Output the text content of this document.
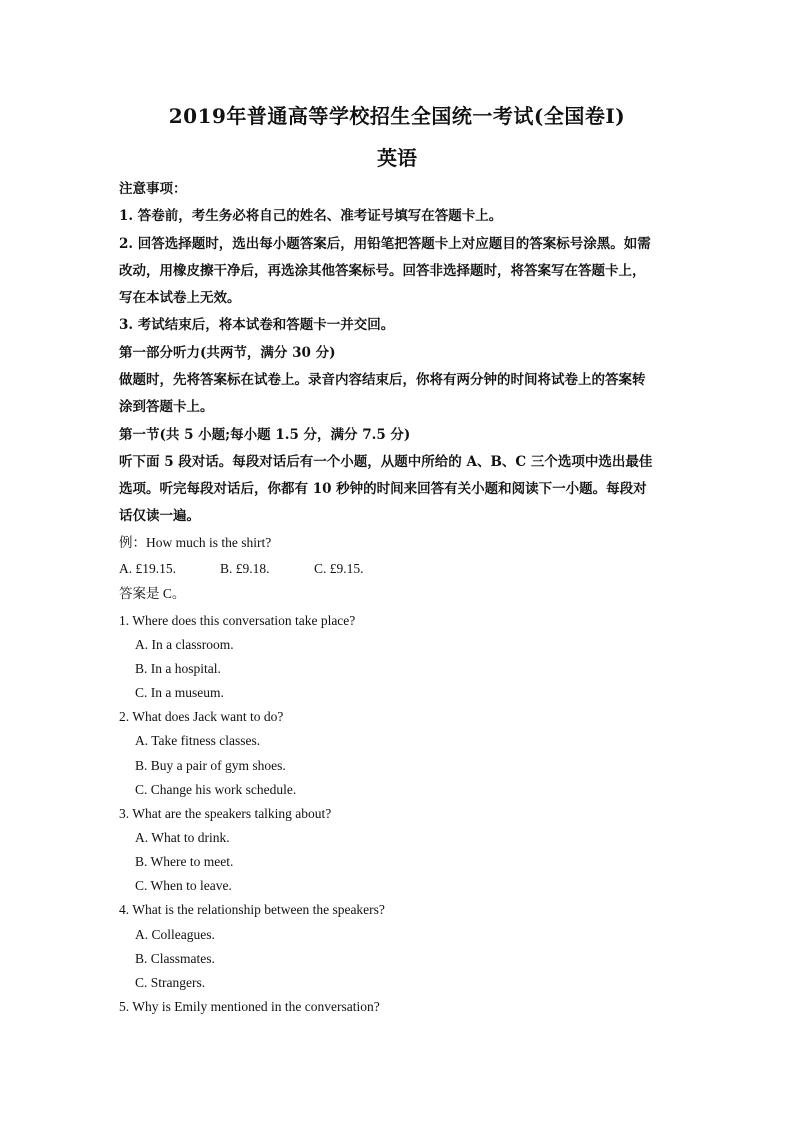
2019年普通高等学校招生全国统一考试(全国卷Ⅰ)
英语
注意事项：
1. 答卷前，考生务必将自己的姓名、准考证号填写在答题卡上。
2. 回答选择题时，选出每小题答案后，用铅笔把答题卡上对应题目的答案标号涂黑。如需
改动，用橡皮擦干净后，再选涂其他答案标号。回答非选择题时，将答案写在答题卡上，
写在本试卷上无效。
3. 考试结束后，将本试卷和答题卡一并交回。
第一部分听力(共两节，满分 30 分)
做题时，先将答案标在试卷上。录音内容结束后，你将有两分钟的时间将试卷上的答案转
涂到答题卡上。
第一节(共 5 小题;每小题 1.5 分，满分 7.5 分)
听下面 5 段对话。每段对话后有一个小题，从题中所给的 A、B、C 三个选项中选出最佳
选项。听完每段对话后，你都有 10 秒钟的时间来回答有关小题和阅读下一小题。每段对
话仅读一遍。
例：How much is the shirt?
A. £19.15.	B. £9.18.	C. £9.15.
答案是 C。
1. Where does this conversation take place?
A. In a classroom.
B. In a hospital.
C. In a museum.
2. What does Jack want to do?
A. Take fitness classes.
B. Buy a pair of gym shoes.
C. Change his work schedule.
3. What are the speakers talking about?
A. What to drink.
B. Where to meet.
C. When to leave.
4. What is the relationship between the speakers?
A. Colleagues.
B. Classmates.
C. Strangers.
5. Why is Emily mentioned in the conversation?
